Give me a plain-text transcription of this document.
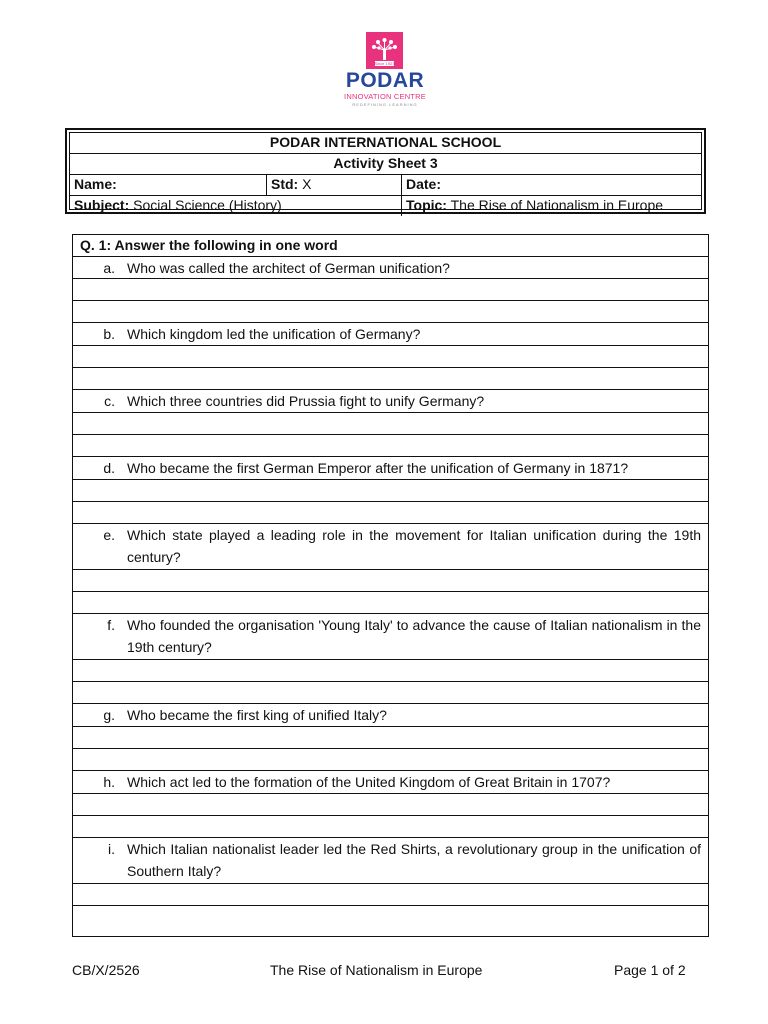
Since 1927
PODAR
INNOVATION CENTRE
REDEFINING LEARNING
PODAR INTERNATIONAL SCHOOL
Activity Sheet 3
Name:	Std: X	Date:
Subject: Social Science (History)	Topic: The Rise of Nationalism in Europe
Q. 1: Answer the following in one word
a. Who was called the architect of German unification?
b. Which kingdom led the unification of Germany?
c. Which three countries did Prussia fight to unify Germany?
d. Who became the first German Emperor after the unification of Germany in 1871?
e. Which state played a leading role in the movement for Italian unification during the 19th century?
f. Who founded the organisation 'Young Italy' to advance the cause of Italian nationalism in the 19th century?
g. Who became the first king of unified Italy?
h. Which act led to the formation of the United Kingdom of Great Britain in 1707?
i. Which Italian nationalist leader led the Red Shirts, a revolutionary group in the unification of Southern Italy?
CB/X/2526	The Rise of Nationalism in Europe	Page 1 of 2
